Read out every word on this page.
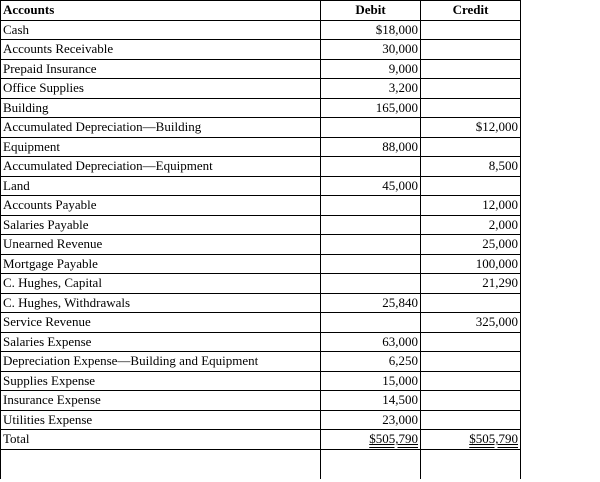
Accounts	Debit	Credit
Cash	$18,000	
Accounts Receivable	30,000	
Prepaid Insurance	9,000	
Office Supplies	3,200	
Building	165,000	
Accumulated Depreciation—Building		$12,000
Equipment	88,000	
Accumulated Depreciation—Equipment		8,500
Land	45,000	
Accounts Payable		12,000
Salaries Payable		2,000
Unearned Revenue		25,000
Mortgage Payable		100,000
C. Hughes, Capital		21,290
C. Hughes, Withdrawals	25,840	
Service Revenue		325,000
Salaries Expense	63,000	
Depreciation Expense—Building and Equipment	6,250	
Supplies Expense	15,000	
Insurance Expense	14,500	
Utilities Expense	23,000	
Total	$505,790	$505,790
